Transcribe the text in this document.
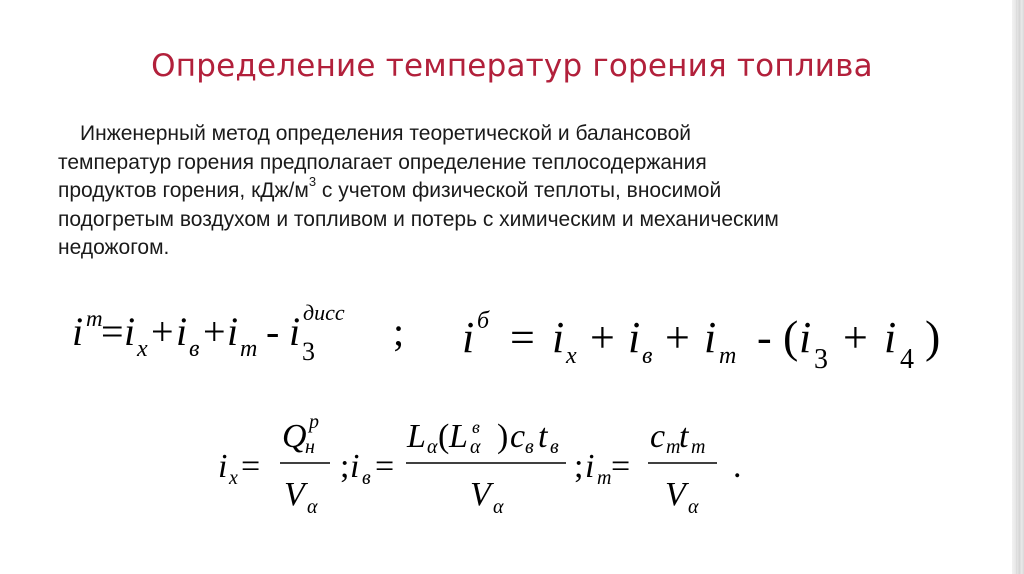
Определение температур горения топлива
Инженерный метод определения теоретической и балансовой
температур горения предполагает определение теплосодержания
продуктов горения, кДж/$м^3$ с учетом физической теплоты, вносимой
подогретым воздухом и топливом и потерь с химическим и механическим
недожогом.
i т
= i х + i в + i т - i 3
дисс ; i б = i х + i в + i т - ( i 3 + i 4 )
i х =
Q
н
р
V α
; i в =
L α ( L в
α ) c в t в
V α
; i т =
c т
t т
V α
.
